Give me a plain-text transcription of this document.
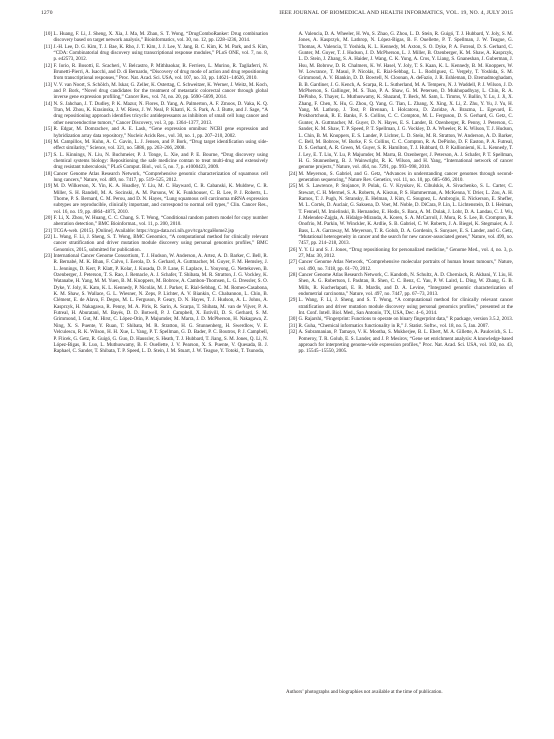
1270	IEEE JOURNAL OF BIOMEDICAL AND HEALTH INFORMATICS, VOL. 19, NO. 4, JULY 2015
[10] L. Huang, F. Li, J. Sheng, X. Xia, J. Ma, M. Zhan, S. T. Wong, “DrugComboRanker: Drug combination discovery based on target network analysis,” Bioinformatics, vol. 30, no. 12, pp. i228–i236, 2014.
[11] J.-H. Lee, D. G. Kim, T. J. Bae, K. Rho, J. T. Kim, J. J. Lee, Y. Jang, B. C. Kim, K. M. Park, and S. Kim, “CDA: Combinatorial drug discovery using transcriptional response modules,” PLoS ONE, vol. 7, no. 8, p. e42573, 2012.
[12] F. Iorio, R. Bosotti, E. Scacheri, V. Belcastro, P. Mithbaokar, R. Ferriero, L. Murino, R. Tagliaferri, N. Brunetti-Pierri, A. Isacchi, and D. di Bernardo, “Discovery of drug mode of action and drug repositioning from transcriptional responses,” Proc. Nat. Acad. Sci. USA, vol. 107, no. 33, pp. 14621–14626, 2010.
[13] V. V. van Noort, S. Schölch, M. Iskar, G. Zeller, K. Ostertag, C. Schweitzer, K. Werner, J. Weitz, M. Koch, and P. Bork, “Novel drug candidates for the treatment of metastatic colorectal cancer through global inverse gene expression profiling,” Cancer Res., vol. 74, no. 20, pp. 5690–5699, 2014.
[14] N. S. Jahchan, J. T. Dudley, P. K. Mazur, N. Flores, D. Yang, A. Palmerton, A. F. Zmoos, D. Vaka, K. Q. Tran, M. Zhou, K. Krasinska, J. W. Riess, J. W. Neal, P. Khatri, K. S. Park, A. J. Butte, and J. Sage, “A drug repositioning approach identifies tricyclic antidepressants as inhibitors of small cell lung cancer and other neuroendocrine tumors,” Cancer Discovery, vol. 3, pp. 1364–1377, 2013.
[15] R. Edgar, M. Domrachev, and A. E. Lash, “Gene expression omnibus: NCBI gene expression and hybridization array data repository,” Nucleic Acids Res., vol. 30, no. 1, pp. 207–210, 2002.
[16] M. Campillos, M. Kuhn, A. C. Gavin, L. J. Jensen, and P. Bork, “Drug target identification using side-effect similarity,” Science, vol. 321, no. 5886, pp. 263–266, 2008.
[17] S. L. Kinnings, N. Liu, N. Buchmeier, P. J. Tonge, L. Xie, and P. E. Bourne, “Drug discovery using chemical systems biology: Repositioning the safe medicine comtan to treat multi-drug and extensively drug resistant tuberculosis,” PLoS Comput. Biol., vol. 5, no. 7, p. e1000423, 2009.
[18] Cancer Genome Atlas Research Network, “Comprehensive genomic characterization of squamous cell lung cancers,” Nature, vol. 489, no. 7417, pp. 519–525, 2012.
[19] M. D. Wilkerson, X. Yin, K. A. Hoadley, Y. Liu, M. C. Hayward, C. R. Cabanski, K. Muldrew, C. R. Miller, S. H. Randell, M. A. Socinski, A. M. Parsons, W. K. Funkhouser, C. B. Lee, P. J. Roberts, L. Thorne, P. S. Bernard, C. M. Perou, and D. N. Hayes, “Lung squamous cell carcinoma mRNA expression subtypes are reproducible, clinically important, and correspond to normal cell types,” Clin. Cancer Res., vol. 16, no. 19, pp. 4864–4875, 2010.
[20] F. Li, X. Zhou, W. Huang, C. C. Chang, S. T. Wong, “Conditional random pattern model for copy number aberration detection,” BMC Bioinformat., vol. 11, p. 200, 2010.
[21] TCGA-web. (2015). [Online]. Available: https://tcga-data.nci.nih.gov/tcga/tcgaHome2.jsp
[22] L. Wang, F. Li, J. Sheng, S. T. Wong, BMC Genomics, “A computational method for clinically relevant cancer stratification and driver mutation module discovery using personal genomics profiles,” BMC Genomics, 2015, submitted for publication.
[23] International Cancer Genome Consortium, T. J. Hudson, W. Anderson, A. Artez, A. D. Barker, C. Bell, R. R. Bernabé, M. K. Bhan, F. Calvo, I. Eerola, D. S. Gerhard, A. Guttmacher, M. Guyer, F. M. Hemsley, J. L. Jennings, D. Kerr, P. Klatt, P. Kolar, J. Kusada, D. P. Lane, F. Laplace, L. Youyong, G. Nettekoven, B. Ozenberger, J. Peterson, T. S. Rao, J. Remacle, A. J. Schafer, T. Shibata, M. R. Stratton, J. G. Vockley, K. Watanabe, H. Yang, M. M. Yuen, B. M. Knoppers, M. Bobrow, A. Cambon-Thomsen, L. G. Dressler, S. O. Dyke, Y. Joly, K. Kato, K. L. Kennedy, P. Nicolás, M. J. Parker, E. Rial-Sebbag, C. M. Romeo-Casabona, K. M. Shaw, S. Wallace, G. L. Wiesner, N. Zeps, P. Lichter, A. V. Biankin, C. Chabannon, L. Chin, B. Clément, E. de Alava, F. Degos, M. L. Ferguson, P. Geary, D. N. Hayes, T. J. Hudson, A. L. Johns, A. Kasprzyk, H. Nakagawa, R. Penny, M. A. Piris, R. Sarin, A. Scarpa, T. Shibata, M. van de Vijver, P. A. Futreal, H. Aburatani, M. Bayés, D. D. Botwell, P. J. Campbell, X. Estivill, D. S. Gerhard, S. M. Grimmond, I. Gut, M. Hirst, C. López-Otín, P. Majumder, M. Marra, J. D. McPherson, H. Nakagawa, Z. Ning, X. S. Puente, Y. Ruan, T. Shibata, M. R. Stratton, H. G. Stunnenberg, H. Swerdlow, V. E. Velculescu, R. K. Wilson, H. H. Xue, L. Yang, P. T. Spellman, G. D. Bader, P. C. Boutros, P. J. Campbell, P. Flicek, G. Getz, R. Guigó, G. Guo, D. Haussler, S. Heath, T. J. Hubbard, T. Jiang, S. M. Jones, Q. Li, N. López-Bigas, R. Luo, L. Muthuswamy, B. F. Ouellette, J. V. Pearson, X. S. Puente, V. Quesada, B. J. Raphael, C. Sander, T. Shibata, T. P. Speed, L. D. Stein, J. M. Stuart, J. W. Teague, Y. Totoki, T. Tsunoda,
A. Valencia, D. A. Wheeler, H. Wu, S. Zhao, G. Zhou, L. D. Stein, R. Guigó, T. J. Hubbard, Y. Joly, S. M. Jones, A. Kasprzyk, M. Lathrop, N. López-Bigas, B. F. Ouellette, P. T. Spellman, J. W. Teague, G. Thomas, A. Valencia, T. Yoshida, K. L. Kennedy, M. Axton, S. O. Dyke, P. A. Futreal, D. S. Gerhard, C. Gunter, M. Guyer, T. J. Hudson, J. D. McPherson, L. J. Miller, B. Ozenberger, K. M. Shaw, A. Kasprzyk, L. D. Stein, J. Zhang, S. A. Haider, J. Wang, C. K. Yung, A. Cros, Y. Liang, S. Gnaneshan, J. Guberman, J. Hsu, M. Bobrow, D. R. Chalmers, K. W. Hasel, Y. Joly, T. S. Kaan, K. L. Kennedy, B. M. Knoppers, W. W. Lowrance, T. Masui, P. Nicolás, E. Rial-Sebbag, L. L. Rodriguez, C. Vergely, T. Yoshida, S. M. Grimmond, A. V. Biankin, D. D. Bowtell, N. Cloonan, A. deFazio, J. R. Eshleman, D. Etemadmoghadam, B. B. Gardiner, J. G. Kench, A. Scarpa, R. L. Sutherland, M. A. Tempero, N. J. Waddell, P. J. Wilson, J. D. McPherson, S. Gallinger, M. S. Tsao, P. A. Shaw, G. M. Petersen, D. Mukhopadhyay, L. Chin, R. A. DePinho, S. Thayer, L. Muthuswamy, K. Shazand, T. Beck, M. Sam, L. Timms, V. Ballin, Y. Lu, J. Ji, X. Zhang, F. Chen, X. Hu, G. Zhou, Q. Yang, G. Tian, L. Zhang, X. Xing, X. Li, Z. Zhu, Y. Yu, J. Yu, H. Yang, M. Lathrop, J. Tost, P. Brennan, I. Holcatova, D. Zaridze, A. Brazma, L. Egevard, E. Prokhortchouk, R. E. Banks, F. S. Collins, C. C. Compton, M. L. Ferguson, D. S. Gerhard, G. Getz, C. Gunter, A. Guttmacher, M. Guyer, D. N. Hayes, E. S. Lander, B. Ozenberger, R. Penny, J. Peterson, C. Sander, K. M. Shaw, T. P. Speed, P. T. Spellman, J. G. Vockley, D. A. Wheeler, R. K. Wilson, T. J. Hudson, L. Chin, B. M. Knoppers, E. S. Lander, P. Lichter, L. D. Stein, M. R. Stratton, W. Anderson, A. D. Barker, C. Bell, M. Bobrow, W. Burke, F. S. Collins, C. C. Compton, R. A. DePinho, D. F. Easton, P. A. Futreal, D. S. Gerhard, A. R. Green, M. Guyer, S. R. Hamilton, T. J. Hubbard, O. P. Kallioniemi, K. L. Kennedy, T. J. Ley, E. T. Liu, Y. Lu, P. Majumder, M. Marra, B. Ozenberger, J. Peterson, A. J. Schafer, P. T. Spellman, H. G. Stunnenberg, B. J. Wainwright, R. K. Wilson, and H. Yang, “International network of cancer genome projects,” Nature, vol. 464, no. 7291, pp. 993–998, 2010.
[24] M. Meyerson, S. Gabriel, and G. Getz, “Advances in understanding cancer genomes through second-generation sequencing,” Nature Rev. Genetics, vol. 11, no. 10, pp. 685–696, 2010.
[25] M. S. Lawrence, P. Stojanov, P. Polak, G. V. Kryukov, K. Cibulskis, A. Sivachenko, S. L. Carter, C. Stewart, C. H. Mermel, S. A. Roberts, A. Kiezun, P. S. Hammerman, A. McKenna, Y. Drier, L. Zou, A. H. Ramos, T. J. Pugh, N. Stransky, E. Helman, J. Kim, C. Sougnez, L. Ambrogio, E. Nickerson, E. Shefler, M. L. Cortés, D. Auclair, G. Saksena, D. Voet, M. Noble, D. DiCara, P. Lin, L. Lichtenstein, D. I. Heiman, T. Fennell, M. Imielinski, B. Hernandez, E. Hodis, S. Baca, A. M. Dulak, J. Lohr, D. A. Landau, C. J. Wu, J. Melendez-Zajgla, A. Hidalgo-Miranda, A. Koren, S. A. McCarroll, J. Mora, R. S. Lee, B. Crompton, R. Onofrio, M. Parkin, W. Winckler, K. Ardlie, S. B. Gabriel, C. W. Roberts, J. A. Biegel, K. Stegmaier, A. J. Bass, L. A. Garraway, M. Meyerson, T. R. Golub, D. A. Gordenin, S. Sunyaev, E. S. Lander, and G. Getz, “Mutational heterogeneity in cancer and the search for new cancer-associated genes,” Nature, vol. 499, no. 7457, pp. 214–218, 2013.
[26] Y. Y. Li and S. J. Jones, “Drug repositioning for personalized medicine,” Genome Med., vol. 4, no. 3, p. 27, Mar. 30, 2012.
[27] Cancer Genome Atlas Network, “Comprehensive molecular portraits of human breast tumours,” Nature, vol. 490, no. 7418, pp. 61–70, 2012.
[28] Cancer Genome Atlas Research Network, C. Kandoth, N. Schultz, A. D. Cherniack, R. Akbani, Y. Liu, H. Shen, A. G. Robertson, I. Pashtan, R. Shen, C. C. Benz, C. Yau, P. W. Laird, L. Ding, W. Zhang, G. B. Mills, R. Kucherlapati, E. R. Mardis, and D. A. Levine, “Integrated genomic characterization of endometrial carcinoma,” Nature, vol. 497, no. 7447, pp. 67–73, 2013.
[29] L. Wang, F. Li, J. Sheng, and S. T. Wong, “A computational method for clinically relevant cancer stratification and driver mutation module discovery using personal genomics profiles,” presented at the Int. Conf. Intell. Biol. Med., San Antonio, TX, USA, Dec. 4–6, 2014.
[30] G. Rajarshi, “Fingerprint: Functions to operate on binary fingerprint data,” R package, version 3.5.2, 2013.
[31] R. Guha, “Chemical informatics functionality in R,” J. Statist. Softw., vol. 18, no. 5, Jan. 2007.
[32] A. Subramanian, P. Tamayo, V. K. Mootha, S. Mukherjee, B. L. Ebert, M. A. Gillette, A. Paulovich, S. L. Pomeroy, T. R. Golub, E. S. Lander, and J. P. Mesirov, “Gene set enrichment analysis: A knowledge-based approach for interpreting genome-wide expression profiles,” Proc. Nat. Acad. Sci. USA, vol. 102, no. 43, pp. 15545–15550, 2005.
Authors’ photographs and biographies not available at the time of publication.
